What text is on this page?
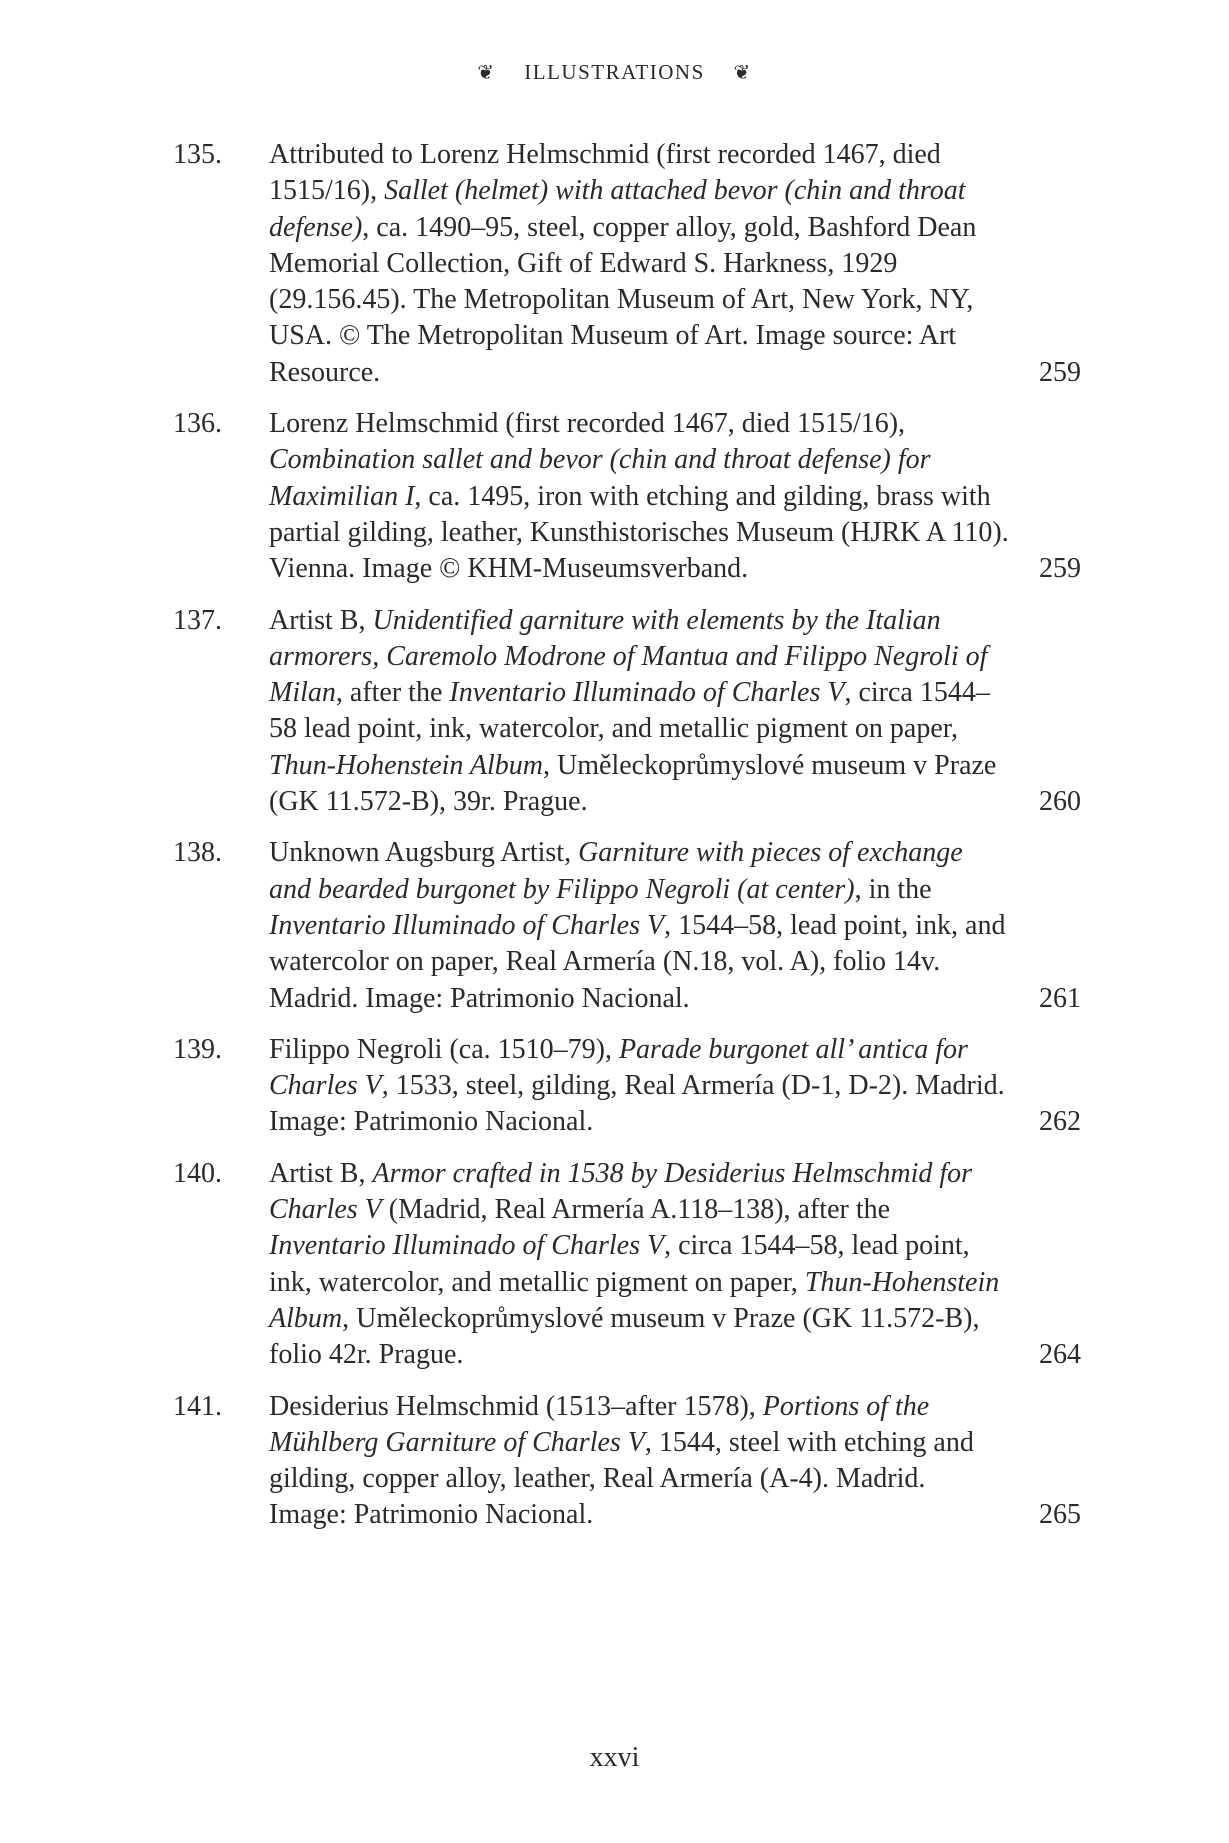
❦ ILLUSTRATIONS ❦
135.	Attributed to Lorenz Helmschmid (first recorded 1467, died 1515/16), Sallet (helmet) with attached bevor (chin and throat defense), ca. 1490–95, steel, copper alloy, gold, Bashford Dean Memorial Collection, Gift of Edward S. Harkness, 1929 (29.156.45). The Metropolitan Museum of Art, New York, NY, USA. © The Metropolitan Museum of Art. Image source: Art Resource.	259
136.	Lorenz Helmschmid (first recorded 1467, died 1515/16), Combination sallet and bevor (chin and throat defense) for Maximilian I, ca. 1495, iron with etching and gilding, brass with partial gilding, leather, Kunsthistorisches Museum (HJRK A 110). Vienna. Image © KHM-Museumsverband.	259
137.	Artist B, Unidentified garniture with elements by the Italian armorers, Caremolo Modrone of Mantua and Filippo Negroli of Milan, after the Inventario Illuminado of Charles V, circa 1544–58 lead point, ink, watercolor, and metallic pigment on paper, Thun-Hohenstein Album, Uměleckoprůmyslové museum v Praze (GK 11.572-B), 39r. Prague.	260
138.	Unknown Augsburg Artist, Garniture with pieces of exchange and bearded burgonet by Filippo Negroli (at center), in the Inventario Illuminado of Charles V, 1544–58, lead point, ink, and watercolor on paper, Real Armería (N.18, vol. A), folio 14v. Madrid. Image: Patrimonio Nacional.	261
139.	Filippo Negroli (ca. 1510–79), Parade burgonet all’ antica for Charles V, 1533, steel, gilding, Real Armería (D-1, D-2). Madrid. Image: Patrimonio Nacional.	262
140.	Artist B, Armor crafted in 1538 by Desiderius Helmschmid for Charles V (Madrid, Real Armería A.118–138), after the Inventario Illuminado of Charles V, circa 1544–58, lead point, ink, watercolor, and metallic pigment on paper, Thun-Hohenstein Album, Uměleckoprůmyslové museum v Praze (GK 11.572-B), folio 42r. Prague.	264
141.	Desiderius Helmschmid (1513–after 1578), Portions of the Mühlberg Garniture of Charles V, 1544, steel with etching and gilding, copper alloy, leather, Real Armería (A-4). Madrid. Image: Patrimonio Nacional.	265
xxvi
